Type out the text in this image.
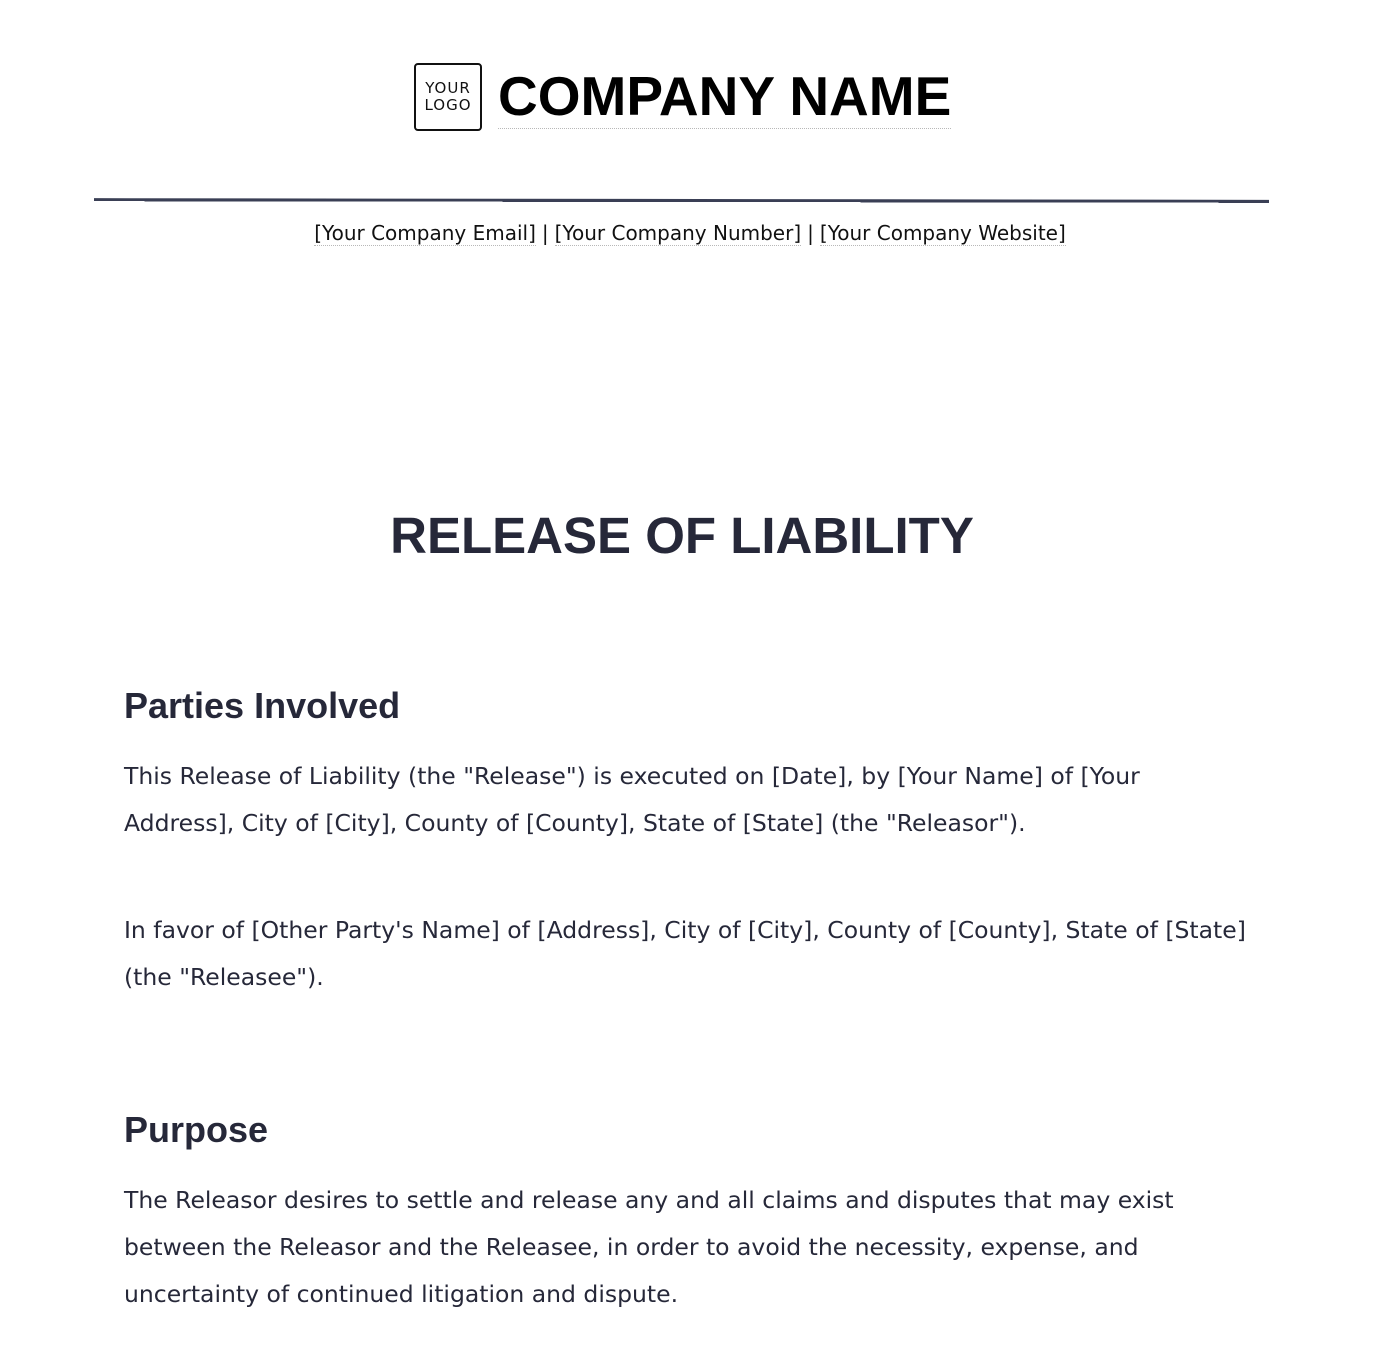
YOUR
LOGO COMPANY NAME
[Your Company Email] | [Your Company Number] | [Your Company Website]
RELEASE OF LIABILITY
Parties Involved

This Release of Liability (the "Release") is executed on [Date], by [Your Name] of [Your Address], City of [City], County of [County], State of [State] (the "Releasor").

In favor of [Other Party's Name] of [Address], City of [City], County of [County], State of [State] (the "Releasee").

Purpose

The Releasor desires to settle and release any and all claims and disputes that may exist between the Releasor and the Releasee, in order to avoid the necessity, expense, and uncertainty of continued litigation and dispute.
